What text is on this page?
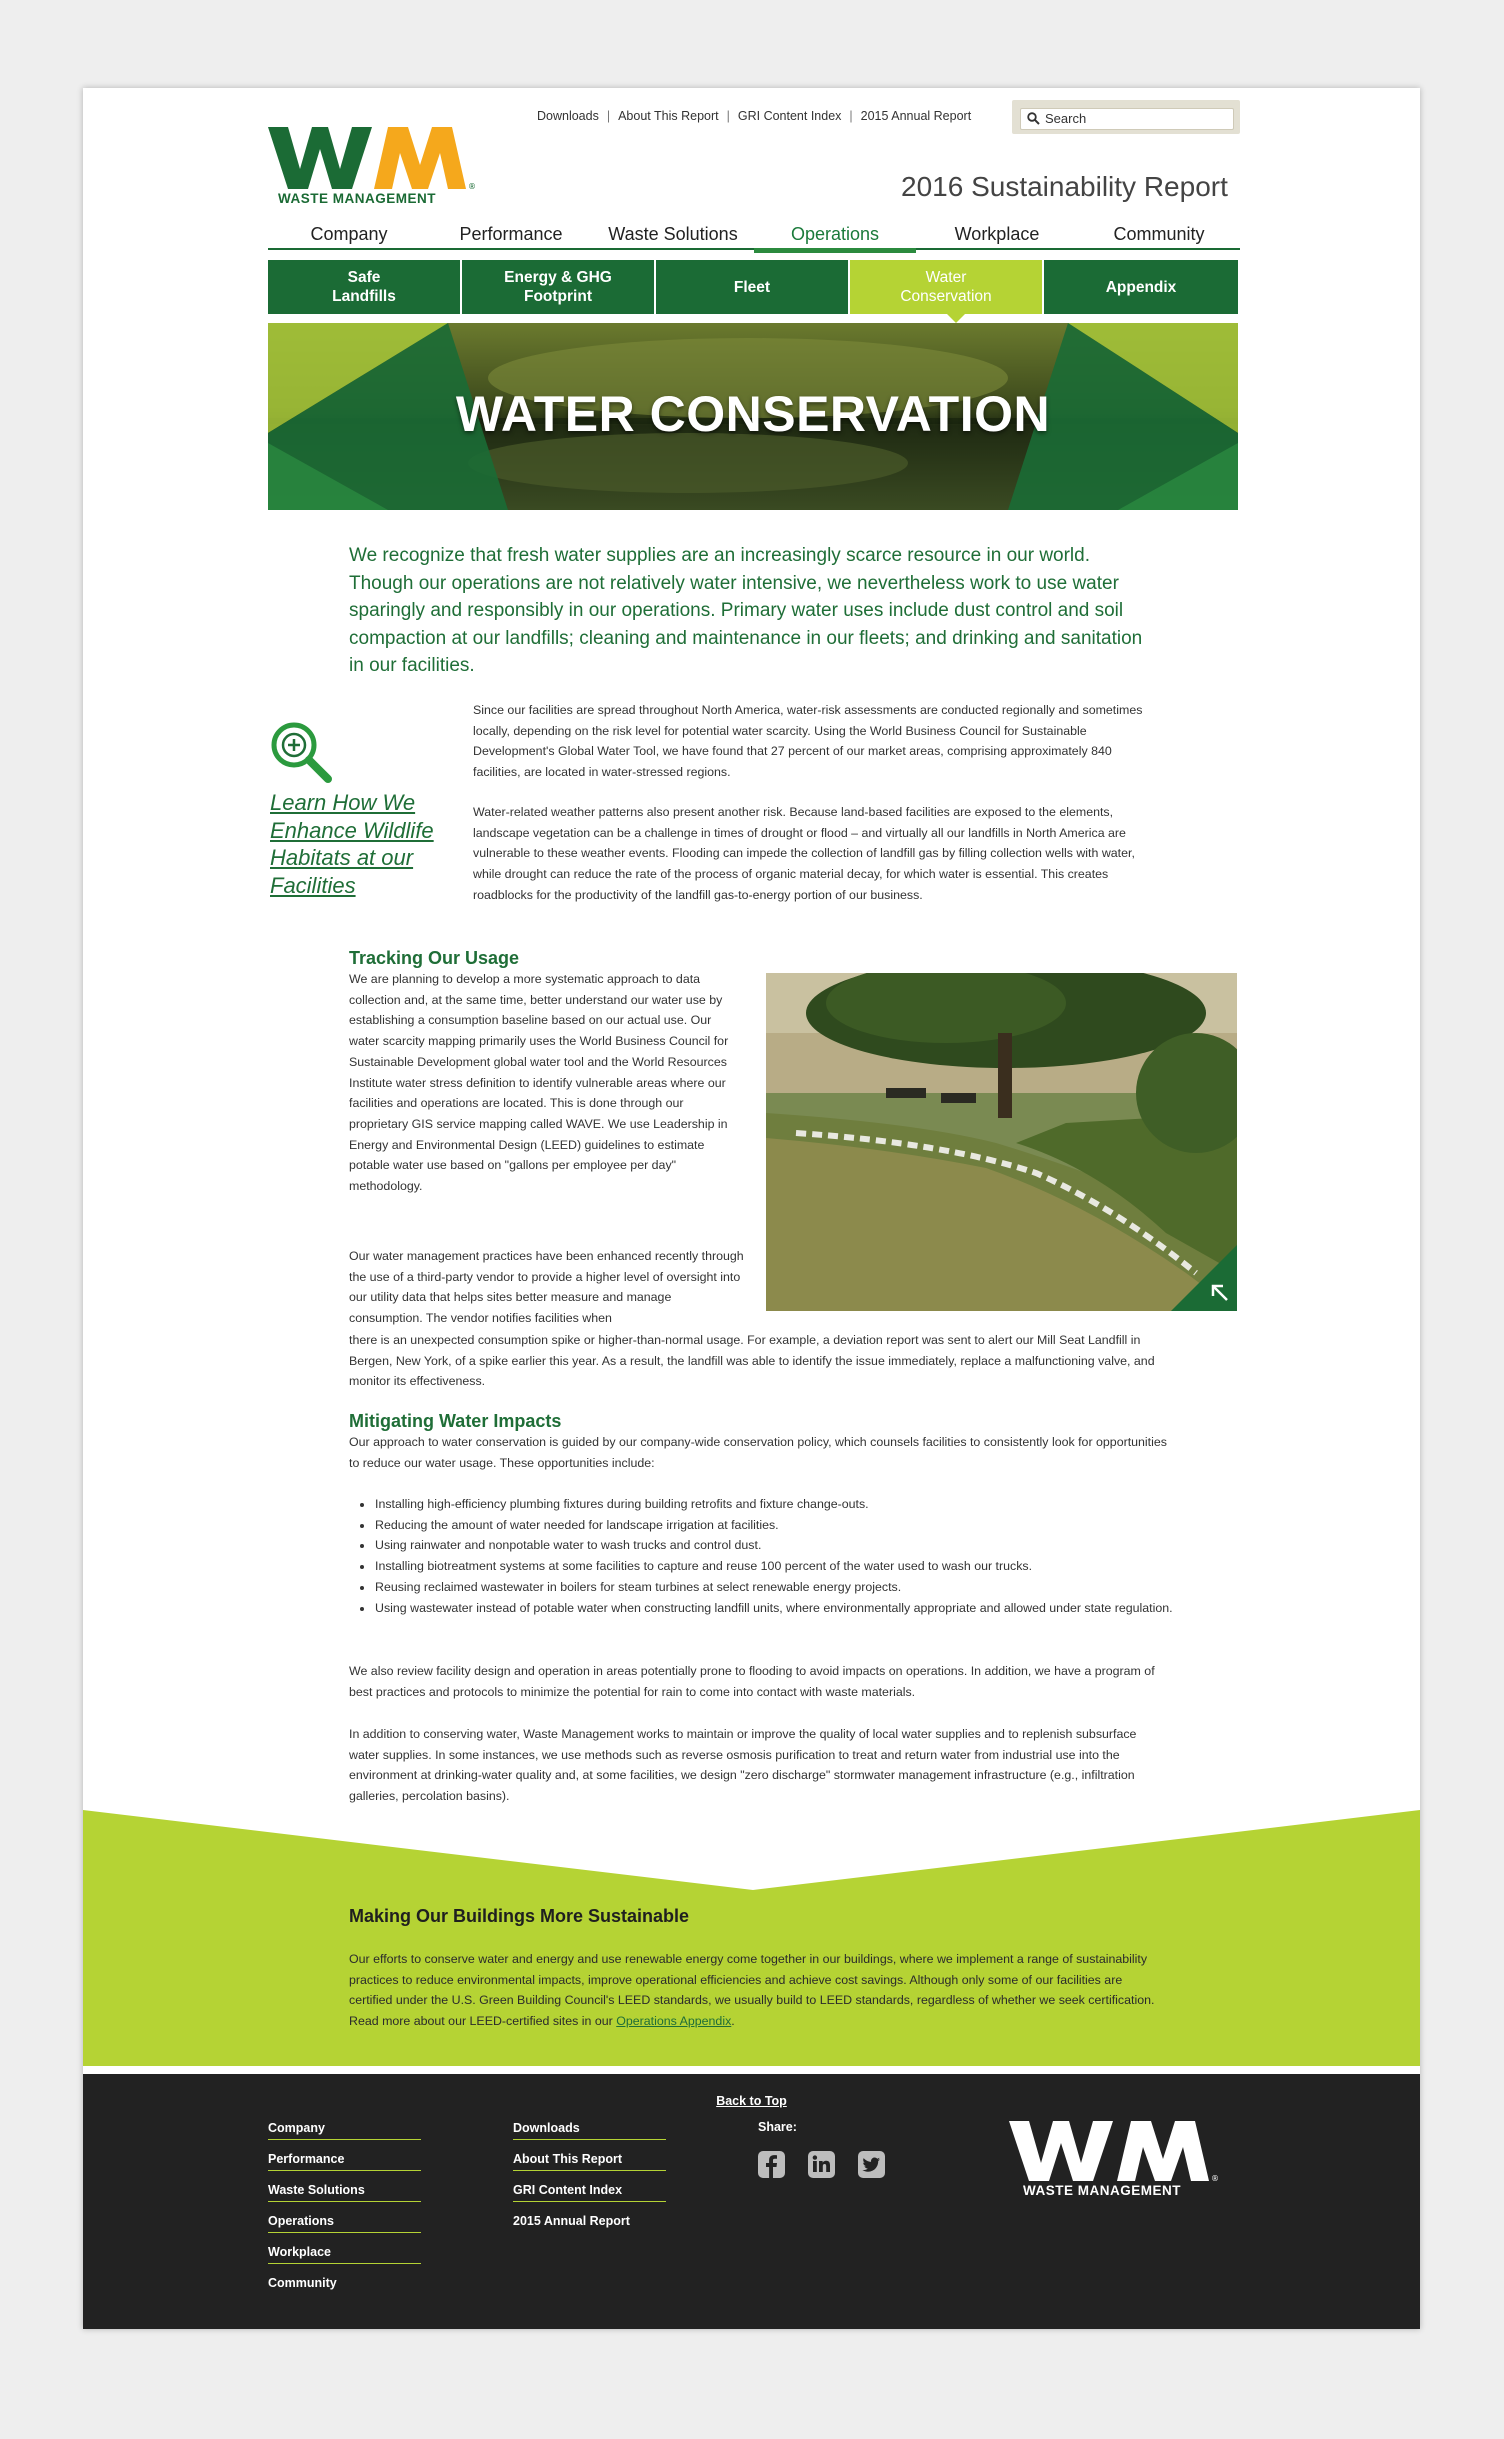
Downloads | About This Report | GRI Content Index | 2015 Annual Report	Search
®
WASTE MANAGEMENT	2016 Sustainability Report
Company	Performance	Waste Solutions	Operations	Workplace	Community
Safe Landfills
Energy & GHG Footprint
Fleet
Water Conservation
Appendix
WATER CONSERVATION
We recognize that fresh water supplies are an increasingly scarce resource in our world. Though our operations are not relatively water intensive, we nevertheless work to use water sparingly and responsibly in our operations. Primary water uses include dust control and soil compaction at our landfills; cleaning and maintenance in our fleets; and drinking and sanitation in our facilities.
Learn How We Enhance Wildlife Habitats at our Facilities

Since our facilities are spread throughout North America, water-risk assessments are conducted regionally and sometimes locally, depending on the risk level for potential water scarcity. Using the World Business Council for Sustainable Development's Global Water Tool, we have found that 27 percent of our market areas, comprising approximately 840 facilities, are located in water-stressed regions.

Water-related weather patterns also present another risk. Because land-based facilities are exposed to the elements, landscape vegetation can be a challenge in times of drought or flood – and virtually all our landfills in North America are vulnerable to these weather events. Flooding can impede the collection of landfill gas by filling collection wells with water, while drought can reduce the rate of the process of organic material decay, for which water is essential. This creates roadblocks for the productivity of the landfill gas-to-energy portion of our business.

Tracking Our Usage

We are planning to develop a more systematic approach to data collection and, at the same time, better understand our water use by establishing a consumption baseline based on our actual use. Our water scarcity mapping primarily uses the World Business Council for Sustainable Development global water tool and the World Resources Institute water stress definition to identify vulnerable areas where our facilities and operations are located. This is done through our proprietary GIS service mapping called WAVE. We use Leadership in Energy and Environmental Design (LEED) guidelines to estimate potable water use based on "gallons per employee per day" methodology.

Our water management practices have been enhanced recently through the use of a third-party vendor to provide a higher level of oversight into our utility data that helps sites better measure and manage consumption. The vendor notifies facilities when

there is an unexpected consumption spike or higher-than-normal usage. For example, a deviation report was sent to alert our Mill Seat Landfill in Bergen, New York, of a spike earlier this year. As a result, the landfill was able to identify the issue immediately, replace a malfunctioning valve, and monitor its effectiveness.

Mitigating Water Impacts

Our approach to water conservation is guided by our company-wide conservation policy, which counsels facilities to consistently look for opportunities to reduce our water usage. These opportunities include:

• Installing high-efficiency plumbing fixtures during building retrofits and fixture change-outs.
• Reducing the amount of water needed for landscape irrigation at facilities.
• Using rainwater and nonpotable water to wash trucks and control dust.
• Installing biotreatment systems at some facilities to capture and reuse 100 percent of the water used to wash our trucks.
• Reusing reclaimed wastewater in boilers for steam turbines at select renewable energy projects.
• Using wastewater instead of potable water when constructing landfill units, where environmentally appropriate and allowed under state regulation.

We also review facility design and operation in areas potentially prone to flooding to avoid impacts on operations. In addition, we have a program of best practices and protocols to minimize the potential for rain to come into contact with waste materials.

In addition to conserving water, Waste Management works to maintain or improve the quality of local water supplies and to replenish subsurface water supplies. In some instances, we use methods such as reverse osmosis purification to treat and return water from industrial use into the environment at drinking-water quality and, at some facilities, we design "zero discharge" stormwater management infrastructure (e.g., infiltration galleries, percolation basins).

Making Our Buildings More Sustainable

Our efforts to conserve water and energy and use renewable energy come together in our buildings, where we implement a range of sustainability practices to reduce environmental impacts, improve operational efficiencies and achieve cost savings. Although only some of our facilities are certified under the U.S. Green Building Council's LEED standards, we usually build to LEED standards, regardless of whether we seek certification. Read more about our LEED-certified sites in our Operations Appendix.

Back to Top
Company
Performance
Waste Solutions
Operations
Workplace
Community
Downloads
About This Report
GRI Content Index
2015 Annual Report
Share:
®
WASTE MANAGEMENT
